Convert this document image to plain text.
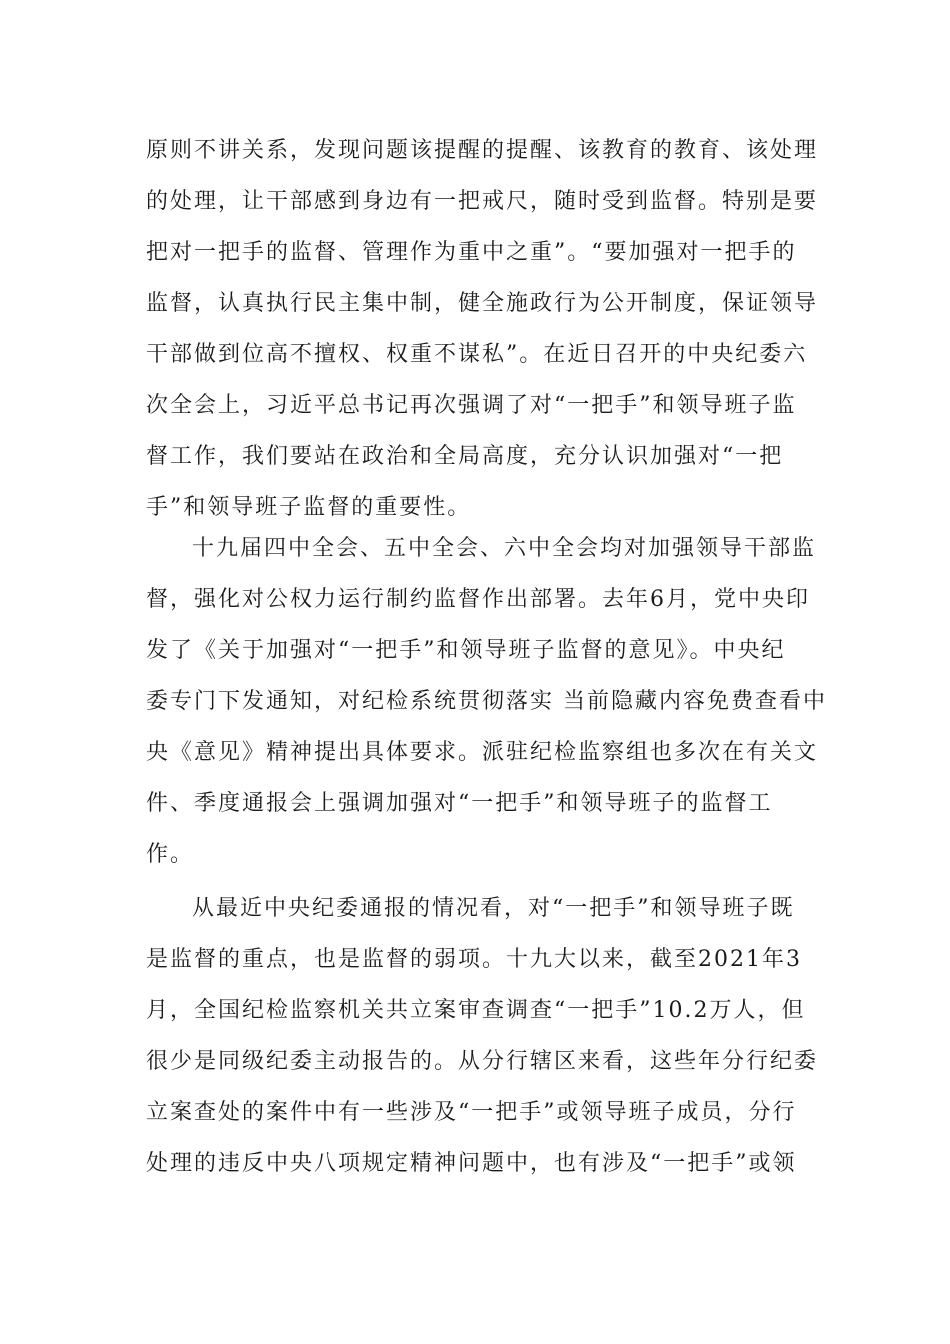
原则不讲关系，发现问题该提醒的提醒、该教育的教育、该处理
的处理，让干部感到身边有一把戒尺，随时受到监督。特别是要
把对一把手的监督、管理作为重中之重”。“要加强对一把手的
监督，认真执行民主集中制，健全施政行为公开制度，保证领导
干部做到位高不擅权、权重不谋私”。在近日召开的中央纪委六
次全会上，习近平总书记再次强调了对“一把手”和领导班子监
督工作，我们要站在政治和全局高度，充分认识加强对“一把
手”和领导班子监督的重要性。
十九届四中全会、五中全会、六中全会均对加强领导干部监
督，强化对公权力运行制约监督作出部署。去年6月，党中央印
发了《关于加强对“一把手”和领导班子监督的意见》。中央纪
委专门下发通知，对纪检系统贯彻落实 当前隐藏内容免费查看中
央《意见》精神提出具体要求。派驻纪检监察组也多次在有关文
件、季度通报会上强调加强对“一把手”和领导班子的监督工
作。
从最近中央纪委通报的情况看，对“一把手”和领导班子既
是监督的重点，也是监督的弱项。十九大以来，截至2021年3
月，全国纪检监察机关共立案审查调查“一把手”10.2万人，但
很少是同级纪委主动报告的。从分行辖区来看，这些年分行纪委
立案查处的案件中有一些涉及“一把手”或领导班子成员，分行
处理的违反中央八项规定精神问题中，也有涉及“一把手”或领
